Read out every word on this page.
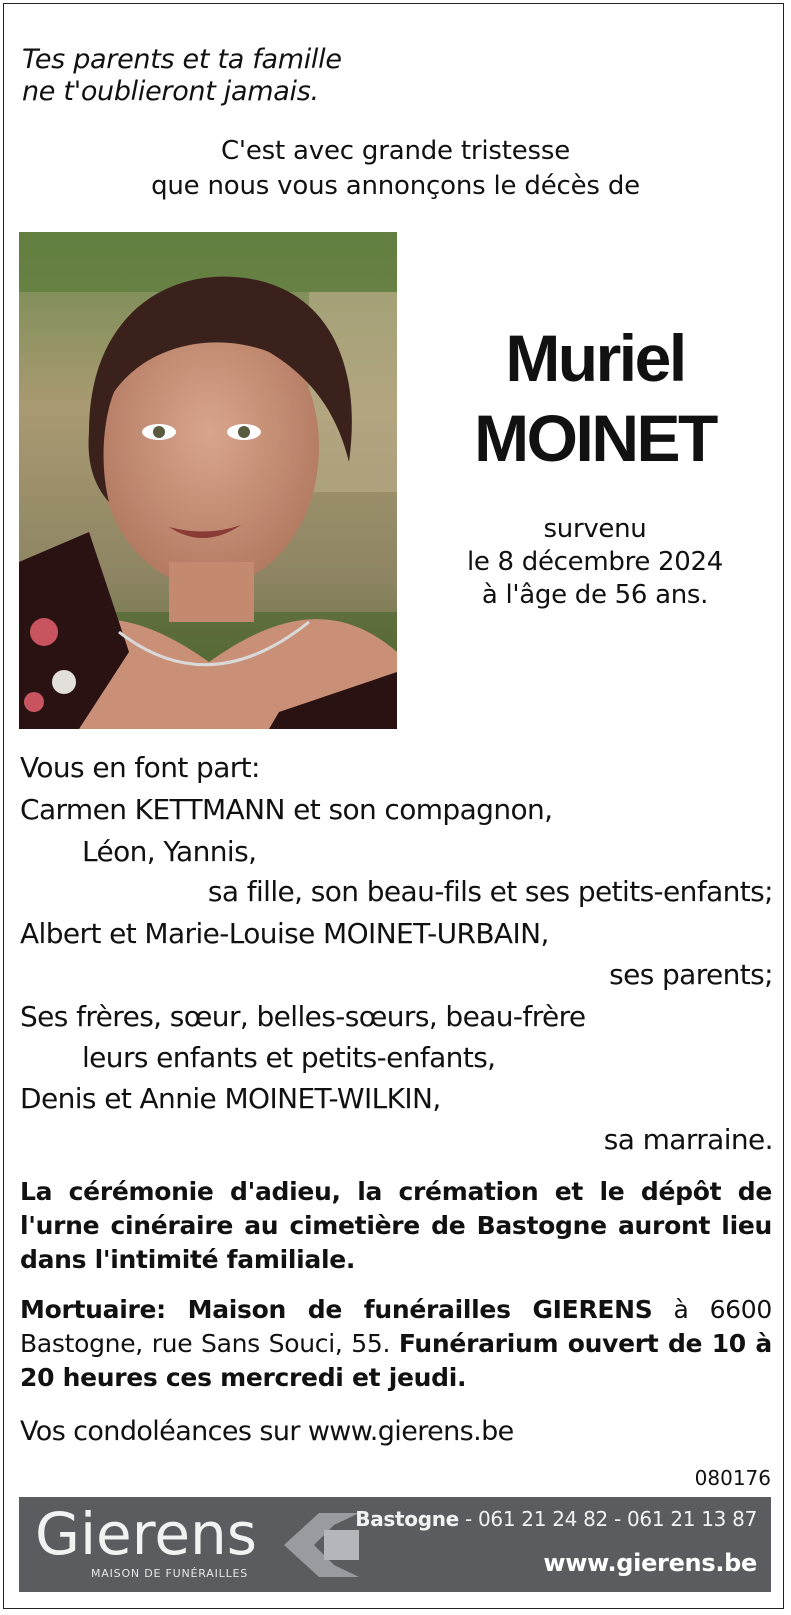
Tes parents et ta famille
ne t'oublieront jamais.
C'est avec grande tristesse
que nous vous annonçons le décès de
Muriel
MOINET
survenu
le 8 décembre 2024
à l'âge de 56 ans.
Vous en font part:
Carmen KETTMANN et son compagnon,
Léon, Yannis,
sa fille, son beau-fils et ses petits-enfants;
Albert et Marie-Louise MOINET-URBAIN,
ses parents;
Ses frères, sœur, belles-sœurs, beau-frère
leurs enfants et petits-enfants,
Denis et Annie MOINET-WILKIN,
sa marraine.
La cérémonie d'adieu, la crémation et le dépôt de l'urne cinéraire au cimetière de Bastogne auront lieu dans l'intimité familiale.
Mortuaire: Maison de funérailles GIERENS à 6600 Bastogne, rue Sans Souci, 55. Funérarium ouvert de 10 à 20 heures ces mercredi et jeudi.
Vos condoléances sur www.gierens.be
080176
Gierens
MAISON DE FUNÉRAILLES
Bastogne - 061 21 24 82 - 061 21 13 87
www.gierens.be
